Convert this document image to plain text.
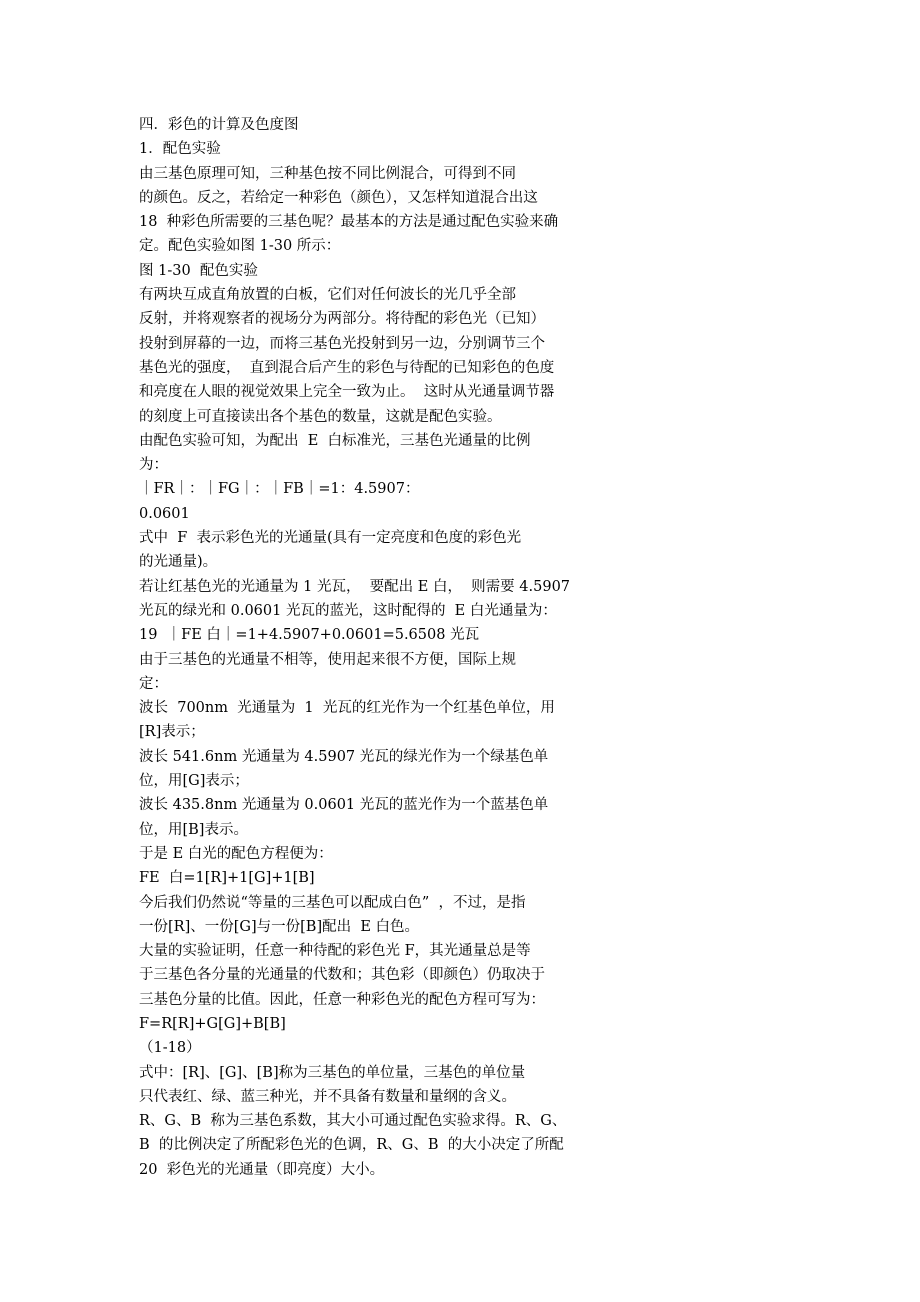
四．彩色的计算及色度图
1．配色实验
由三基色原理可知，三种基色按不同比例混合，可得到不同
的颜色。反之，若给定一种彩色（颜色），又怎样知道混合出这
18  种彩色所需要的三基色呢？最基本的方法是通过配色实验来确
定。配色实验如图 1-30 所示：
图 1-30  配色实验
有两块互成直角放置的白板，它们对任何波长的光几乎全部
反射，并将观察者的视场分为两部分。将待配的彩色光（已知）
投射到屏幕的一边，而将三基色光投射到另一边，分别调节三个
基色光的强度，  直到混合后产生的彩色与待配的已知彩色的色度
和亮度在人眼的视觉效果上完全一致为止。  这时从光通量调节器
的刻度上可直接读出各个基色的数量，这就是配色实验。
由配色实验可知，为配出  E  白标准光，三基色光通量的比例
为：
｜FR｜：｜FG｜：｜FB｜=1：4.5907：
0.0601
式中  F  表示彩色光的光通量(具有一定亮度和色度的彩色光
的光通量)。
若让红基色光的光通量为 1 光瓦，  要配出 E 白，  则需要 4.5907
光瓦的绿光和 0.0601 光瓦的蓝光，这时配得的  E 白光通量为：
19  ｜FE 白｜=1+4.5907+0.0601=5.6508 光瓦
由于三基色的光通量不相等，使用起来很不方便，国际上规
定：
波长  700nm  光通量为  1  光瓦的红光作为一个红基色单位，用
[R]表示；
波长 541.6nm 光通量为 4.5907 光瓦的绿光作为一个绿基色单
位，用[G]表示；
波长 435.8nm 光通量为 0.0601 光瓦的蓝光作为一个蓝基色单
位，用[B]表示。
于是 E 白光的配色方程便为：
FE  白=1[R]+1[G]+1[B]
今后我们仍然说“等量的三基色可以配成白色”  ，不过，是指
一份[R]、一份[G]与一份[B]配出  E 白色。
大量的实验证明，任意一种待配的彩色光 F，其光通量总是等
于三基色各分量的光通量的代数和；其色彩（即颜色）仍取决于
三基色分量的比值。因此，任意一种彩色光的配色方程可写为：
F=R[R]+G[G]+B[B]
（1-18）
式中：[R]、[G]、[B]称为三基色的单位量，三基色的单位量
只代表红、绿、蓝三种光，并不具备有数量和量纲的含义。
R、G、B  称为三基色系数，其大小可通过配色实验求得。R、G、
B  的比例决定了所配彩色光的色调，R、G、B  的大小决定了所配
20  彩色光的光通量（即亮度）大小。
